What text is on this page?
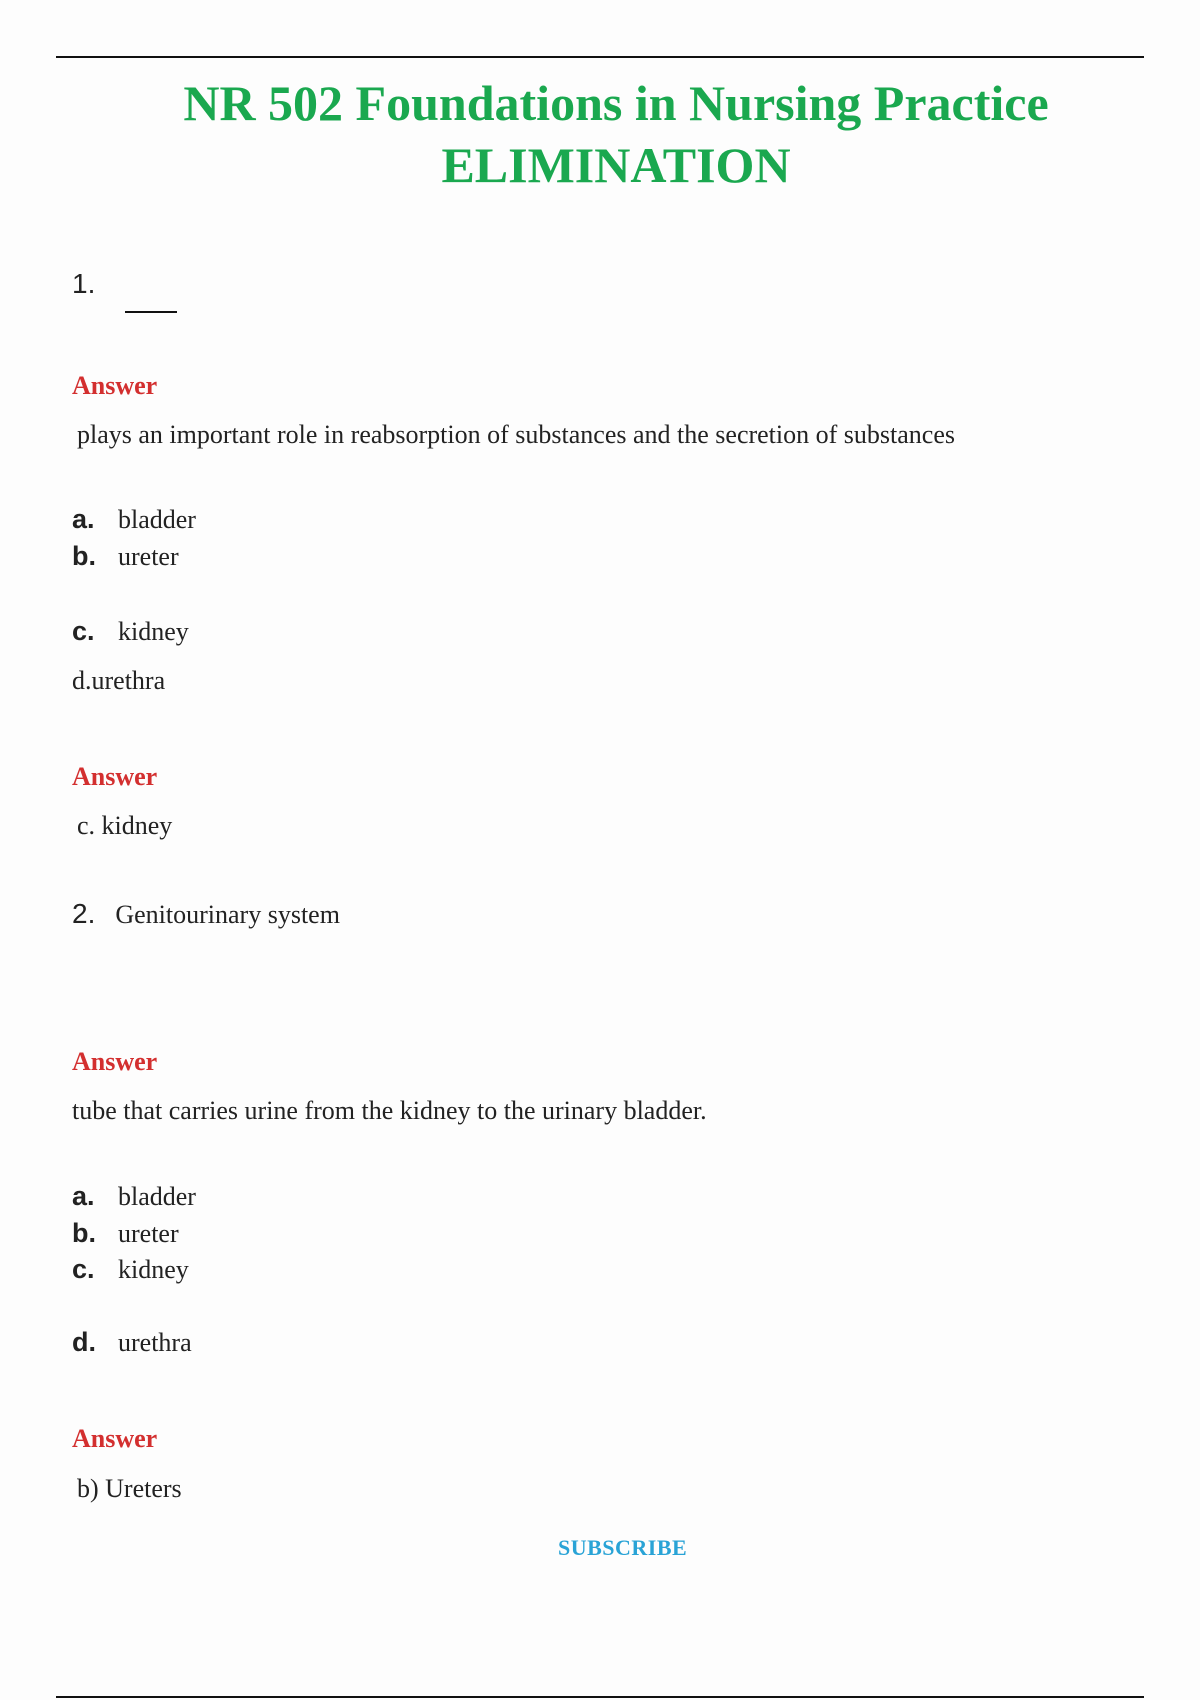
NR 502 Foundations in Nursing Practice
ELIMINATION
1.
Answer
plays an important role in reabsorption of substances and the secretion of substances
a. bladder
b. ureter
c. kidney
d.urethra
Answer
c. kidney
2. Genitourinary system
Answer
tube that carries urine from the kidney to the urinary bladder.
a. bladder
b. ureter
c. kidney
d. urethra
Answer
b) Ureters
SUBSCRIBE
